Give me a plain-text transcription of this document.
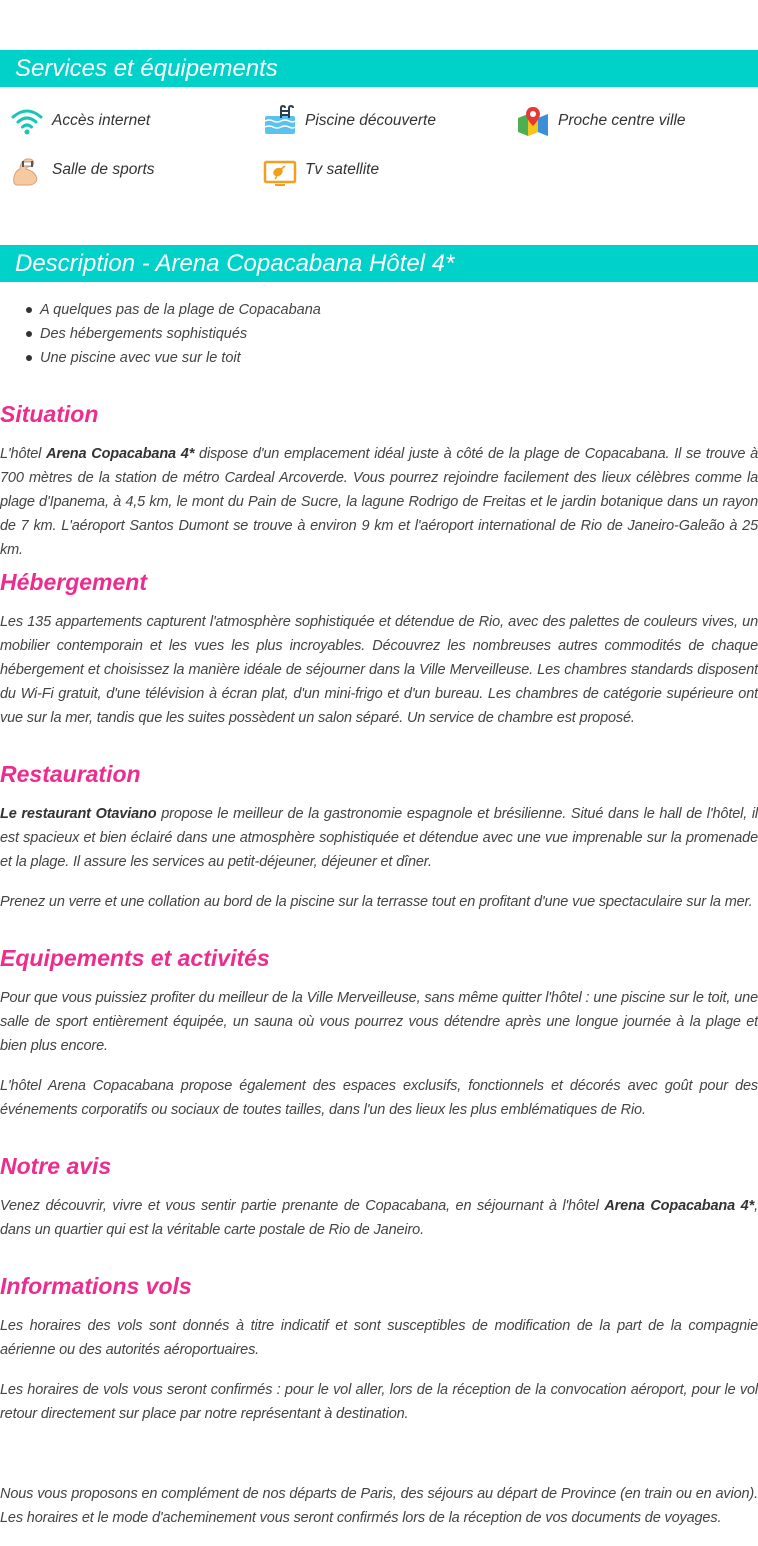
Services et équipements
Accès internet	Piscine découverte	Proche centre ville
Salle de sports	Tv satellite
Description - Arena Copacabana Hôtel 4*
A quelques pas de la plage de Copacabana
Des hébergements sophistiqués
Une piscine avec vue sur le toit
Situation

L'hôtel Arena Copacabana 4* dispose d'un emplacement idéal juste à côté de la plage de Copacabana. Il se trouve à 700 mètres de la station de métro Cardeal Arcoverde. Vous pourrez rejoindre facilement des lieux célèbres comme la plage d'Ipanema, à 4,5 km, le mont du Pain de Sucre, la lagune Rodrigo de Freitas et le jardin botanique dans un rayon de 7 km. L'aéroport Santos Dumont se trouve à environ 9 km et l'aéroport international de Rio de Janeiro-Galeão à 25 km.

Hébergement

Les 135 appartements capturent l'atmosphère sophistiquée et détendue de Rio, avec des palettes de couleurs vives, un mobilier contemporain et les vues les plus incroyables. Découvrez les nombreuses autres commodités de chaque hébergement et choisissez la manière idéale de séjourner dans la Ville Merveilleuse. Les chambres standards disposent du Wi-Fi gratuit, d'une télévision à écran plat, d'un mini-frigo et d'un bureau. Les chambres de catégorie supérieure ont vue sur la mer, tandis que les suites possèdent un salon séparé. Un service de chambre est proposé.

Restauration

Le restaurant Otaviano propose le meilleur de la gastronomie espagnole et brésilienne. Situé dans le hall de l'hôtel, il est spacieux et bien éclairé dans une atmosphère sophistiquée et détendue avec une vue imprenable sur la promenade et la plage. Il assure les services au petit-déjeuner, déjeuner et dîner.

Prenez un verre et une collation au bord de la piscine sur la terrasse tout en profitant d'une vue spectaculaire sur la mer.

Equipements et activités

Pour que vous puissiez profiter du meilleur de la Ville Merveilleuse, sans même quitter l'hôtel : une piscine sur le toit, une salle de sport entièrement équipée, un sauna où vous pourrez vous détendre après une longue journée à la plage et bien plus encore.

L'hôtel Arena Copacabana propose également des espaces exclusifs, fonctionnels et décorés avec goût pour des événements corporatifs ou sociaux de toutes tailles, dans l'un des lieux les plus emblématiques de Rio.

Notre avis

Venez découvrir, vivre et vous sentir partie prenante de Copacabana, en séjournant à l'hôtel Arena Copacabana 4*, dans un quartier qui est la véritable carte postale de Rio de Janeiro.

Informations vols

Les horaires des vols sont donnés à titre indicatif et sont susceptibles de modification de la part de la compagnie aérienne ou des autorités aéroportuaires.

Les horaires de vols vous seront confirmés : pour le vol aller, lors de la réception de la convocation aéroport, pour le vol retour directement sur place par notre représentant à destination.

Nous vous proposons en complément de nos départs de Paris, des séjours au départ de Province (en train ou en avion). Les horaires et le mode d'acheminement vous seront confirmés lors de la réception de vos documents de voyages.
